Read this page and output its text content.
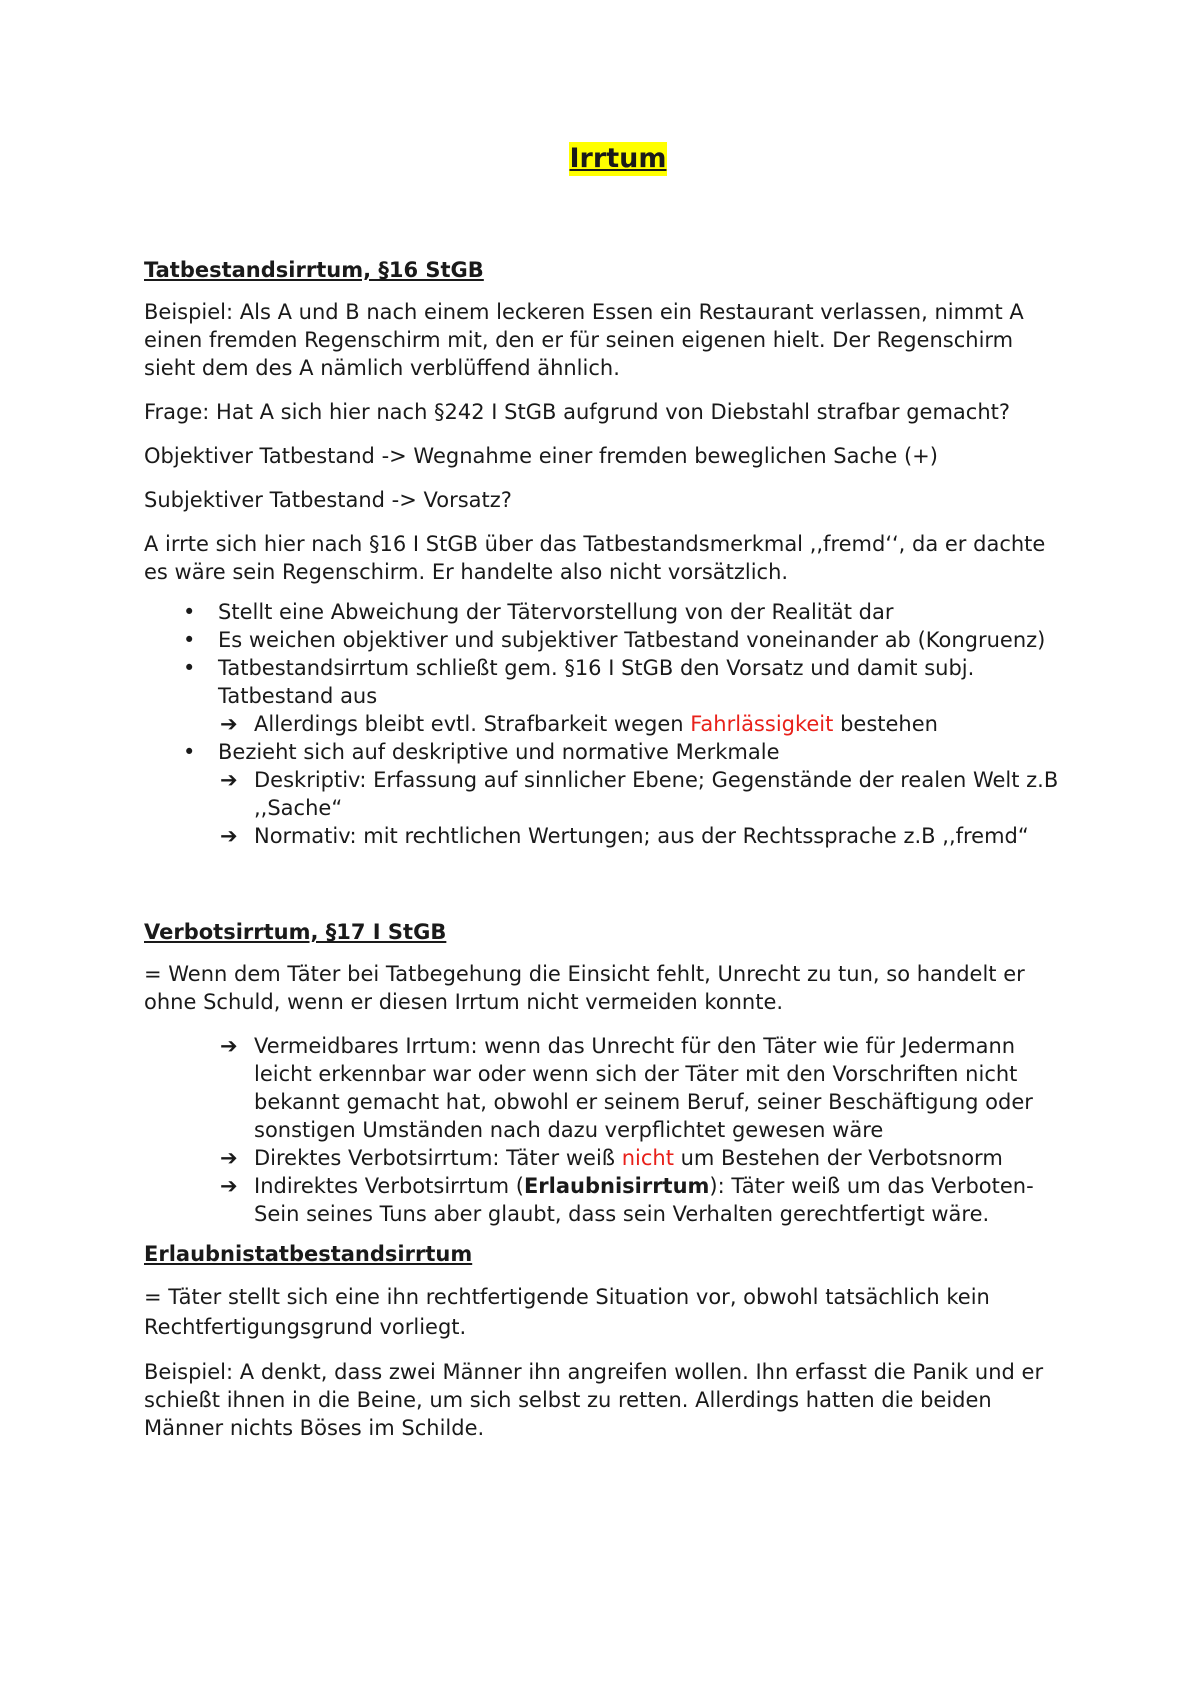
Irrtum
Tatbestandsirrtum, §16 StGB

Beispiel: Als A und B nach einem leckeren Essen ein Restaurant verlassen, nimmt A einen fremden Regenschirm mit, den er für seinen eigenen hielt. Der Regenschirm sieht dem des A nämlich verblüffend ähnlich.

Frage: Hat A sich hier nach §242 I StGB aufgrund von Diebstahl strafbar gemacht?

Objektiver Tatbestand -> Wegnahme einer fremden beweglichen Sache (+)

Subjektiver Tatbestand -> Vorsatz?

A irrte sich hier nach §16 I StGB über das Tatbestandsmerkmal ,,fremd‘‘, da er dachte es wäre sein Regenschirm. Er handelte also nicht vorsätzlich.

• Stellt eine Abweichung der Tätervorstellung von der Realität dar
• Es weichen objektiver und subjektiver Tatbestand voneinander ab (Kongruenz)
• Tatbestandsirrtum schließt gem. §16 I StGB den Vorsatz und damit subj. Tatbestand aus
➔ Allerdings bleibt evtl. Strafbarkeit wegen Fahrlässigkeit bestehen
• Bezieht sich auf deskriptive und normative Merkmale
➔ Deskriptiv: Erfassung auf sinnlicher Ebene; Gegenstände der realen Welt z.B ,,Sache“
➔ Normativ: mit rechtlichen Wertungen; aus der Rechtssprache z.B ,,fremd“
Verbotsirrtum, §17 I StGB

= Wenn dem Täter bei Tatbegehung die Einsicht fehlt, Unrecht zu tun, so handelt er ohne Schuld, wenn er diesen Irrtum nicht vermeiden konnte.

➔ Vermeidbares Irrtum: wenn das Unrecht für den Täter wie für Jedermann leicht erkennbar war oder wenn sich der Täter mit den Vorschriften nicht bekannt gemacht hat, obwohl er seinem Beruf, seiner Beschäftigung oder sonstigen Umständen nach dazu verpflichtet gewesen wäre
➔ Direktes Verbotsirrtum: Täter weiß nicht um Bestehen der Verbotsnorm
➔ Indirektes Verbotsirrtum (Erlaubnisirrtum): Täter weiß um das Verboten-Sein seines Tuns aber glaubt, dass sein Verhalten gerechtfertigt wäre.
Erlaubnistatbestandsirrtum

= Täter stellt sich eine ihn rechtfertigende Situation vor, obwohl tatsächlich kein Rechtfertigungsgrund vorliegt.

Beispiel: A denkt, dass zwei Männer ihn angreifen wollen. Ihn erfasst die Panik und er schießt ihnen in die Beine, um sich selbst zu retten. Allerdings hatten die beiden Männer nichts Böses im Schilde.
